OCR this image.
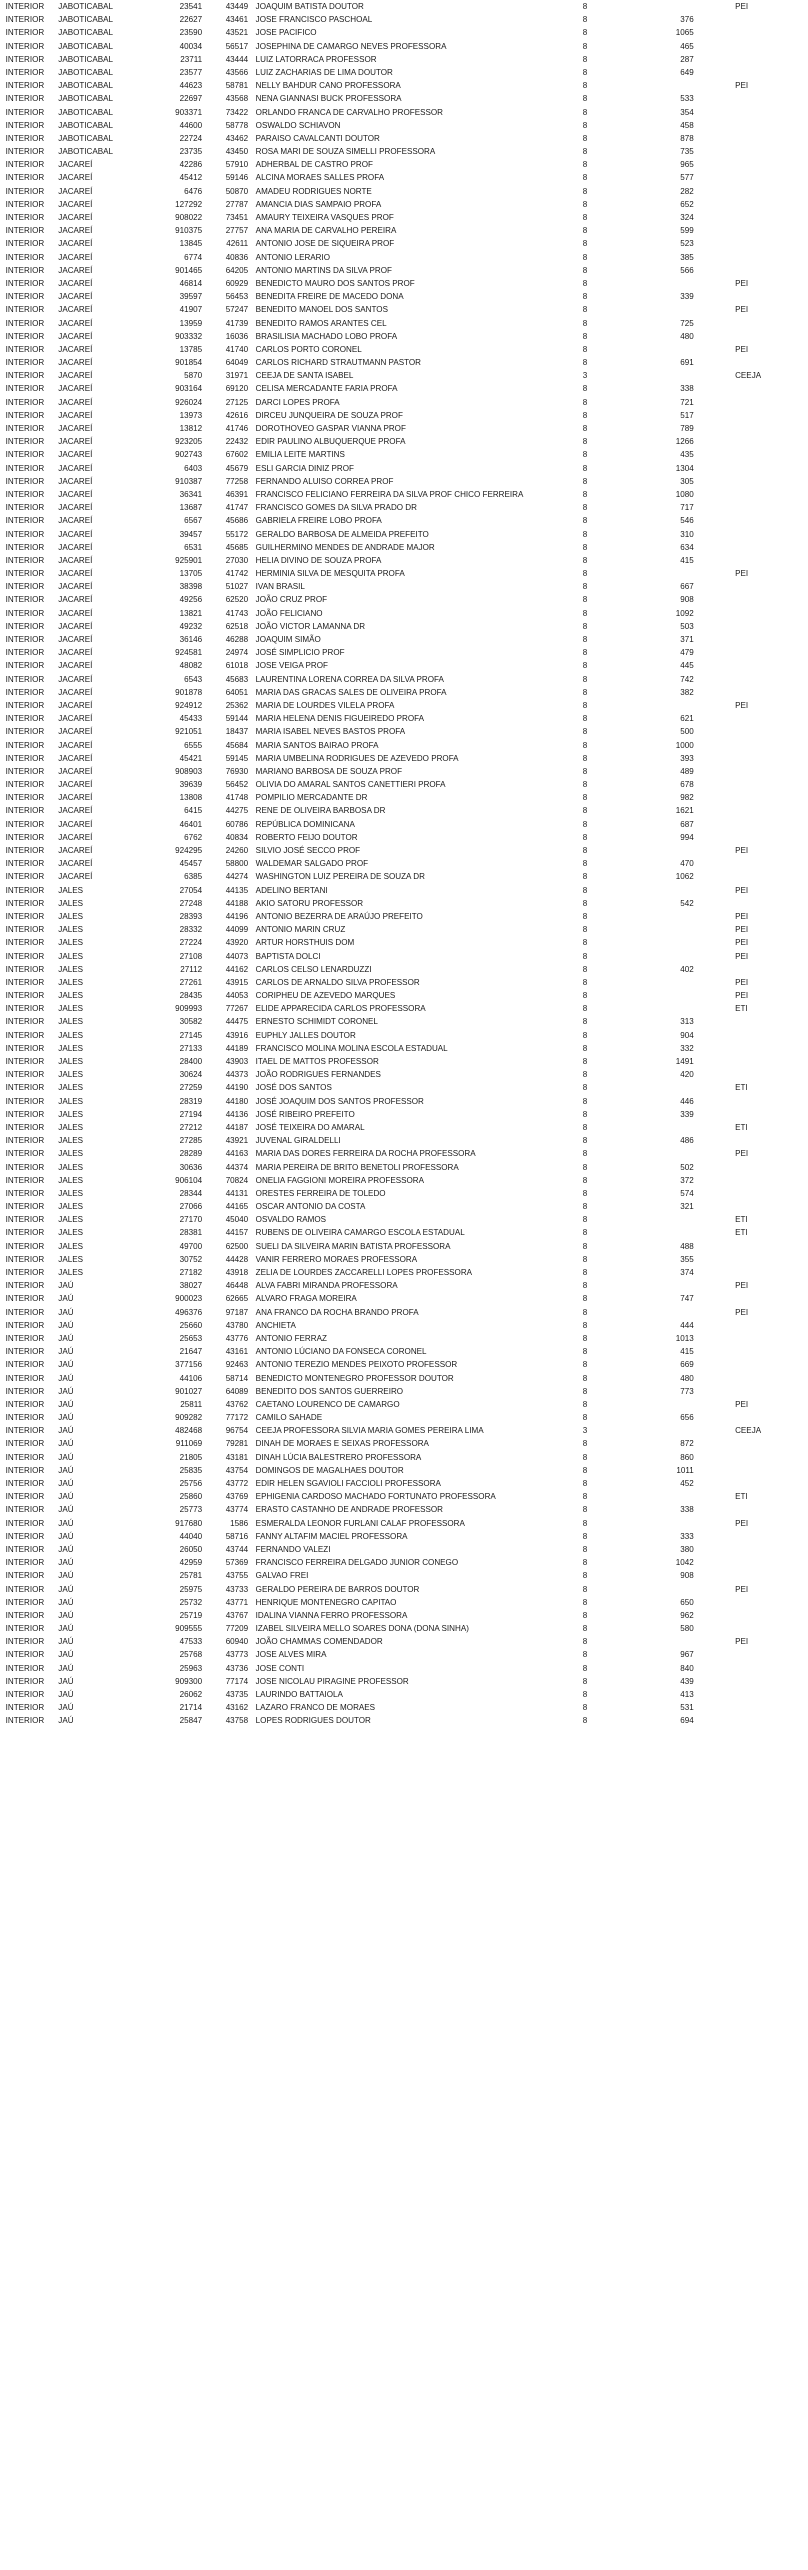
INTERIOR JABOTICABAL	23541	43449 JOAQUIM BATISTA DOUTOR	8	PEI
INTERIOR JABOTICABAL	22627	43461 JOSE FRANCISCO PASCHOAL	8	376
INTERIOR JABOTICABAL	23590	43521 JOSE PACIFICO	8	1065
INTERIOR JABOTICABAL	40034	56517 JOSEPHINA DE CAMARGO NEVES PROFESSORA	8	465
INTERIOR JABOTICABAL	23711	43444 LUIZ LATORRACA PROFESSOR	8	287
INTERIOR JABOTICABAL	23577	43566 LUIZ ZACHARIAS DE LIMA DOUTOR	8	649
INTERIOR JABOTICABAL	44623	58781 NELLY BAHDUR CANO PROFESSORA	8	PEI
INTERIOR JABOTICABAL	22697	43568 NENA GIANNASI BUCK PROFESSORA	8	533
INTERIOR JABOTICABAL	903371	73422 ORLANDO FRANCA DE CARVALHO PROFESSOR	8	354
INTERIOR JABOTICABAL	44600	58778 OSWALDO SCHIAVON	8	458
INTERIOR JABOTICABAL	22724	43462 PARAISO CAVALCANTI DOUTOR	8	878
INTERIOR JABOTICABAL	23735	43450 ROSA MARI DE SOUZA SIMELLI PROFESSORA	8	735
INTERIOR JACAREÍ	42286	57910 ADHERBAL DE CASTRO PROF	8	965
INTERIOR JACAREÍ	45412	59146 ALCINA MORAES SALLES PROFA	8	577
INTERIOR JACAREÍ	6476	50870 AMADEU RODRIGUES NORTE	8	282
INTERIOR JACAREÍ	127292	27787 AMANCIA DIAS SAMPAIO PROFA	8	652
INTERIOR JACAREÍ	908022	73451 AMAURY TEIXEIRA VASQUES PROF	8	324
INTERIOR JACAREÍ	910375	27757 ANA MARIA DE CARVALHO PEREIRA	8	599
INTERIOR JACAREÍ	13845	42611 ANTONIO JOSE DE SIQUEIRA PROF	8	523
INTERIOR JACAREÍ	6774	40836 ANTONIO LERARIO	8	385
INTERIOR JACAREÍ	901465	64205 ANTONIO MARTINS DA SILVA PROF	8	566
INTERIOR JACAREÍ	46814	60929 BENEDICTO MAURO DOS SANTOS PROF	8	PEI
INTERIOR JACAREÍ	39597	56453 BENEDITA FREIRE DE MACEDO DONA	8	339
INTERIOR JACAREÍ	41907	57247 BENEDITO MANOEL DOS SANTOS	8	PEI
INTERIOR JACAREÍ	13959	41739 BENEDITO RAMOS ARANTES CEL	8	725
INTERIOR JACAREÍ	903332	16036 BRASILISIA MACHADO LOBO PROFA	8	480
INTERIOR JACAREÍ	13785	41740 CARLOS PORTO CORONEL	8	PEI
INTERIOR JACAREÍ	901854	64049 CARLOS RICHARD STRAUTMANN PASTOR	8	691
INTERIOR JACAREÍ	5870	31971 CEEJA DE SANTA ISABEL	3	CEEJA
INTERIOR JACAREÍ	903164	69120 CELISA MERCADANTE FARIA PROFA	8	338
INTERIOR JACAREÍ	926024	27125 DARCI LOPES PROFA	8	721
INTERIOR JACAREÍ	13973	42616 DIRCEU JUNQUEIRA DE SOUZA PROF	8	517
INTERIOR JACAREÍ	13812	41746 DOROTHOVEO GASPAR VIANNA PROF	8	789
INTERIOR JACAREÍ	923205	22432 EDIR PAULINO ALBUQUERQUE PROFA	8	1266
INTERIOR JACAREÍ	902743	67602 EMILIA LEITE MARTINS	8	435
INTERIOR JACAREÍ	6403	45679 ESLI GARCIA DINIZ PROF	8	1304
INTERIOR JACAREÍ	910387	77258 FERNANDO ALUISO CORREA PROF	8	305
INTERIOR JACAREÍ	36341	46391 FRANCISCO FELICIANO FERREIRA DA SILVA PROF CHICO FERREIRA	8	1080
INTERIOR JACAREÍ	13687	41747 FRANCISCO GOMES DA SILVA PRADO DR	8	717
INTERIOR JACAREÍ	6567	45686 GABRIELA FREIRE LOBO PROFA	8	546
INTERIOR JACAREÍ	39457	55172 GERALDO BARBOSA DE ALMEIDA PREFEITO	8	310
INTERIOR JACAREÍ	6531	45685 GUILHERMINO MENDES DE ANDRADE MAJOR	8	634
INTERIOR JACAREÍ	925901	27030 HELIA DIVINO DE SOUZA PROFA	8	415
INTERIOR JACAREÍ	13705	41742 HERMINIA SILVA DE MESQUITA PROFA	8	PEI
INTERIOR JACAREÍ	38398	51027 IVAN BRASIL	8	667
INTERIOR JACAREÍ	49256	62520 JOÃO CRUZ PROF	8	908
INTERIOR JACAREÍ	13821	41743 JOÃO FELICIANO	8	1092
INTERIOR JACAREÍ	49232	62518 JOÃO VICTOR LAMANNA DR	8	503
INTERIOR JACAREÍ	36146	46288 JOAQUIM SIMÃO	8	371
INTERIOR JACAREÍ	924581	24974 JOSÉ SIMPLICIO PROF	8	479
INTERIOR JACAREÍ	48082	61018 JOSE VEIGA PROF	8	445
INTERIOR JACAREÍ	6543	45683 LAURENTINA LORENA CORREA DA SILVA PROFA	8	742
INTERIOR JACAREÍ	901878	64051 MARIA DAS GRACAS SALES DE OLIVEIRA PROFA	8	382
INTERIOR JACAREÍ	924912	25362 MARIA DE LOURDES VILELA PROFA	8	PEI
INTERIOR JACAREÍ	45433	59144 MARIA HELENA DENIS FIGUEIREDO PROFA	8	621
INTERIOR JACAREÍ	921051	18437 MARIA ISABEL NEVES BASTOS PROFA	8	500
INTERIOR JACAREÍ	6555	45684 MARIA SANTOS BAIRAO PROFA	8	1000
INTERIOR JACAREÍ	45421	59145 MARIA UMBELINA RODRIGUES DE AZEVEDO PROFA	8	393
INTERIOR JACAREÍ	908903	76930 MARIANO BARBOSA DE SOUZA PROF	8	489
INTERIOR JACAREÍ	39639	56452 OLIVIA DO AMARAL SANTOS CANETTIERI PROFA	8	678
INTERIOR JACAREÍ	13808	41748 POMPILIO MERCADANTE DR	8	982
INTERIOR JACAREÍ	6415	44275 RENE DE OLIVEIRA BARBOSA DR	8	1621
INTERIOR JACAREÍ	46401	60786 REPÚBLICA DOMINICANA	8	687
INTERIOR JACAREÍ	6762	40834 ROBERTO FEIJO DOUTOR	8	994
INTERIOR JACAREÍ	924295	24260 SILVIO JOSÉ SECCO PROF	8	PEI
INTERIOR JACAREÍ	45457	58800 WALDEMAR SALGADO PROF	8	470
INTERIOR JACAREÍ	6385	44274 WASHINGTON LUIZ PEREIRA DE SOUZA DR	8	1062
INTERIOR JALES	27054	44135 ADELINO BERTANI	8	PEI
INTERIOR JALES	27248	44188 AKIO SATORU PROFESSOR	8	542
INTERIOR JALES	28393	44196 ANTONIO BEZERRA DE ARAÚJO PREFEITO	8	PEI
INTERIOR JALES	28332	44099 ANTONIO MARIN CRUZ	8	PEI
INTERIOR JALES	27224	43920 ARTUR HORSTHUIS DOM	8	PEI
INTERIOR JALES	27108	44073 BAPTISTA DOLCI	8	PEI
INTERIOR JALES	27112	44162 CARLOS CELSO LENARDUZZI	8	402
INTERIOR JALES	27261	43915 CARLOS DE ARNALDO SILVA PROFESSOR	8	PEI
INTERIOR JALES	28435	44053 CORIPHEU DE AZEVEDO MARQUES	8	PEI
INTERIOR JALES	909993	77267 ELIDE APPARECIDA CARLOS PROFESSORA	8	ETI
INTERIOR JALES	30582	44475 ERNESTO SCHIMIDT CORONEL	8	313
INTERIOR JALES	27145	43916 EUPHLY JALLES DOUTOR	8	904
INTERIOR JALES	27133	44189 FRANCISCO MOLINA MOLINA ESCOLA ESTADUAL	8	332
INTERIOR JALES	28400	43903 ITAEL DE MATTOS PROFESSOR	8	1491
INTERIOR JALES	30624	44373 JOÃO RODRIGUES FERNANDES	8	420
INTERIOR JALES	27259	44190 JOSÉ DOS SANTOS	8	ETI
INTERIOR JALES	28319	44180 JOSÉ JOAQUIM DOS SANTOS PROFESSOR	8	446
INTERIOR JALES	27194	44136 JOSÉ RIBEIRO PREFEITO	8	339
INTERIOR JALES	27212	44187 JOSÉ TEIXEIRA DO AMARAL	8	ETI
INTERIOR JALES	27285	43921 JUVENAL GIRALDELLI	8	486
INTERIOR JALES	28289	44163 MARIA DAS DORES FERREIRA DA ROCHA PROFESSORA	8	PEI
INTERIOR JALES	30636	44374 MARIA PEREIRA DE BRITO BENETOLI PROFESSORA	8	502
INTERIOR JALES	906104	70824 ONELIA FAGGIONI MOREIRA PROFESSORA	8	372
INTERIOR JALES	28344	44131 ORESTES FERREIRA DE TOLEDO	8	574
INTERIOR JALES	27066	44165 OSCAR ANTONIO DA COSTA	8	321
INTERIOR JALES	27170	45040 OSVALDO RAMOS	8	ETI
INTERIOR JALES	28381	44157 RUBENS DE OLIVEIRA CAMARGO ESCOLA ESTADUAL	8	ETI
INTERIOR JALES	49700	62500 SUELI DA SILVEIRA MARIN BATISTA PROFESSORA	8	488
INTERIOR JALES	30752	44428 VANIR FERRERO MORAES PROFESSORA	8	355
INTERIOR JALES	27182	43918 ZELIA DE LOURDES ZACCARELLI LOPES PROFESSORA	8	374
INTERIOR JAÚ	38027	46448 ALVA FABRI MIRANDA PROFESSORA	8	PEI
INTERIOR JAÚ	900023	62665 ALVARO FRAGA MOREIRA	8	747
INTERIOR JAÚ	496376	97187 ANA FRANCO DA ROCHA BRANDO PROFA	8	PEI
INTERIOR JAÚ	25660	43780 ANCHIETA	8	444
INTERIOR JAÚ	25653	43776 ANTONIO FERRAZ	8	1013
INTERIOR JAÚ	21647	43161 ANTONIO LÚCIANO DA FONSECA CORONEL	8	415
INTERIOR JAÚ	377156	92463 ANTONIO TEREZIO MENDES PEIXOTO PROFESSOR	8	669
INTERIOR JAÚ	44106	58714 BENEDICTO MONTENEGRO PROFESSOR DOUTOR	8	480
INTERIOR JAÚ	901027	64089 BENEDITO DOS SANTOS GUERREIRO	8	773
INTERIOR JAÚ	25811	43762 CAETANO LOURENCO DE CAMARGO	8	PEI
INTERIOR JAÚ	909282	77172 CAMILO SAHADE	8	656
INTERIOR JAÚ	482468	96754 CEEJA PROFESSORA SILVIA MARIA GOMES PEREIRA LIMA	3	CEEJA
INTERIOR JAÚ	911069	79281 DINAH DE MORAES E SEIXAS PROFESSORA	8	872
INTERIOR JAÚ	21805	43181 DINAH LÚCIA BALESTRERO PROFESSORA	8	860
INTERIOR JAÚ	25835	43754 DOMINGOS DE MAGALHAES DOUTOR	8	1011
INTERIOR JAÚ	25756	43772 EDIR HELEN SGAVIOLI FACCIOLI PROFESSORA	8	452
INTERIOR JAÚ	25860	43769 EPHIGENIA CARDOSO MACHADO FORTUNATO PROFESSORA	8	ETI
INTERIOR JAÚ	25773	43774 ERASTO CASTANHO DE ANDRADE PROFESSOR	8	338
INTERIOR JAÚ	917680	1586 ESMERALDA LEONOR FURLANI CALAF PROFESSORA	8	PEI
INTERIOR JAÚ	44040	58716 FANNY ALTAFIM MACIEL PROFESSORA	8	333
INTERIOR JAÚ	26050	43744 FERNANDO VALEZI	8	380
INTERIOR JAÚ	42959	57369 FRANCISCO FERREIRA DELGADO JUNIOR CONEGO	8	1042
INTERIOR JAÚ	25781	43755 GALVAO FREI	8	908
INTERIOR JAÚ	25975	43733 GERALDO PEREIRA DE BARROS DOUTOR	8	PEI
INTERIOR JAÚ	25732	43771 HENRIQUE MONTENEGRO CAPITAO	8	650
INTERIOR JAÚ	25719	43767 IDALINA VIANNA FERRO PROFESSORA	8	962
INTERIOR JAÚ	909555	77209 IZABEL SILVEIRA MELLO SOARES DONA (DONA SINHA)	8	580
INTERIOR JAÚ	47533	60940 JOÃO CHAMMAS COMENDADOR	8	PEI
INTERIOR JAÚ	25768	43773 JOSE ALVES MIRA	8	967
INTERIOR JAÚ	25963	43736 JOSE CONTI	8	840
INTERIOR JAÚ	909300	77174 JOSE NICOLAU PIRAGINE PROFESSOR	8	439
INTERIOR JAÚ	26062	43735 LAURINDO BATTAIOLA	8	413
INTERIOR JAÚ	21714	43162 LAZARO FRANCO DE MORAES	8	531
INTERIOR JAÚ	25847	43758 LOPES RODRIGUES DOUTOR	8	694
